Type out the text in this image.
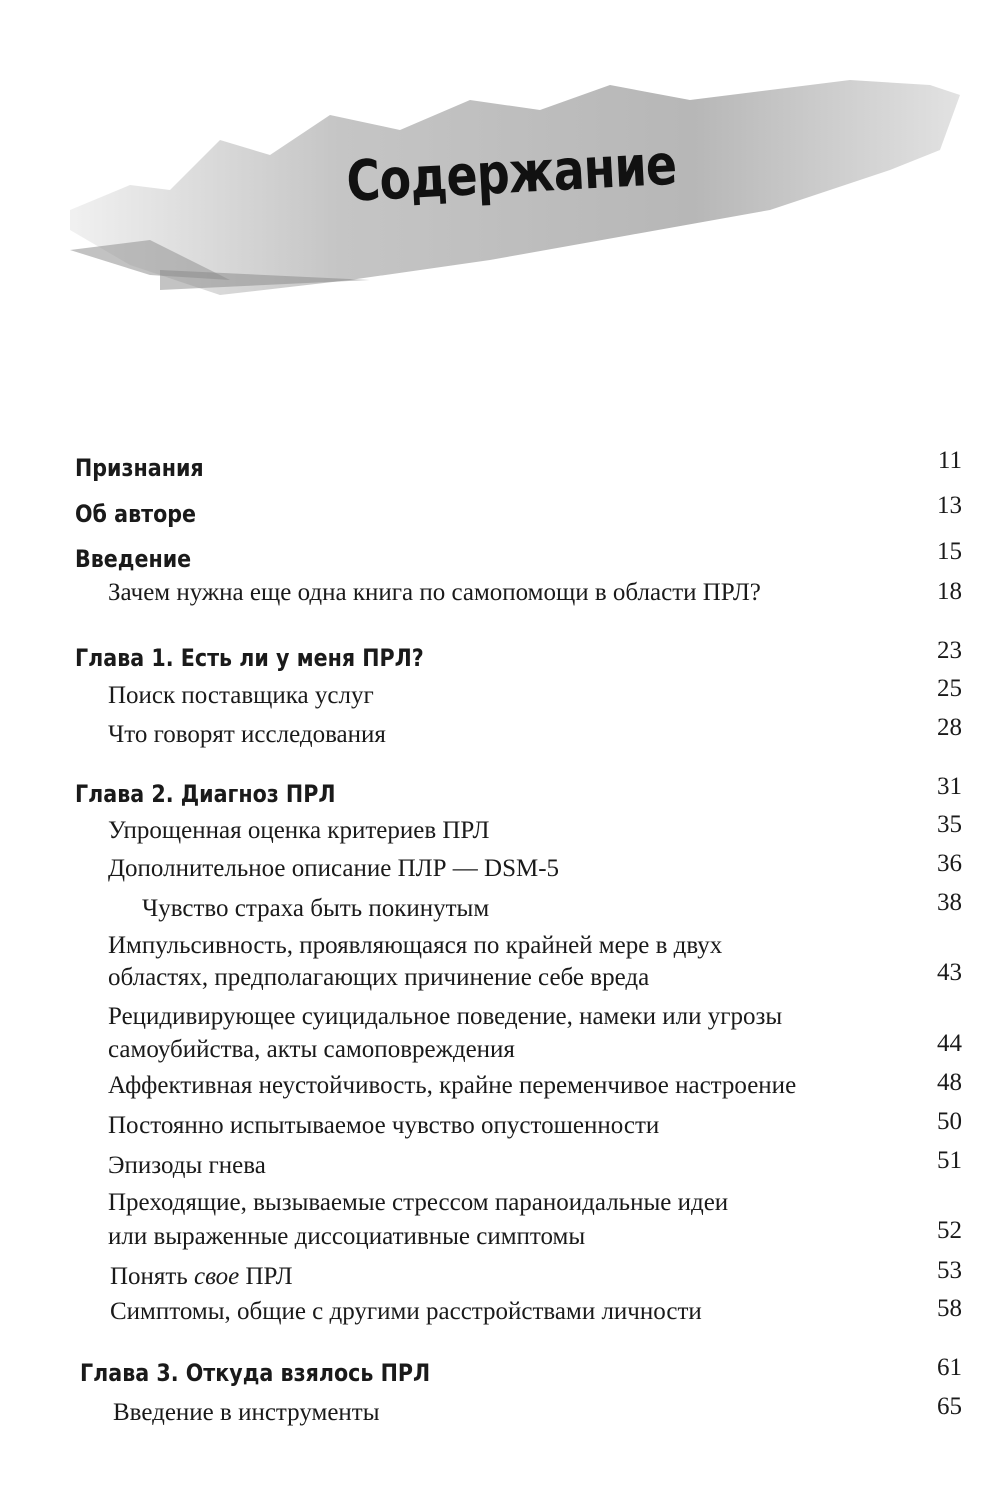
Содержание
Признания	11
Об авторе	13
Введение	15
Зачем нужна еще одна книга по самопомощи в области ПРЛ?	18
Глава 1. Есть ли у меня ПРЛ?	23
Поиск поставщика услуг	25
Что говорят исследования	28
Глава 2. Диагноз ПРЛ	31
Упрощенная оценка критериев ПРЛ	35
Дополнительное описание ПЛР — DSM-5	36
Чувство страха быть покинутым	38
Импульсивность, проявляющаяся по крайней мере в двух
областях, предполагающих причинение себе вреда	43
Рецидивирующее суицидальное поведение, намеки или угрозы
самоубийства, акты самоповреждения	44
Аффективная неустойчивость, крайне переменчивое настроение	48
Постоянно испытываемое чувство опустошенности	50
Эпизоды гнева	51
Преходящие, вызываемые стрессом параноидальные идеи
или выраженные диссоциативные симптомы	52
Понять свое ПРЛ	53
Симптомы, общие с другими расстройствами личности	58
Глава 3. Откуда взялось ПРЛ	61
Введение в инструменты	65
